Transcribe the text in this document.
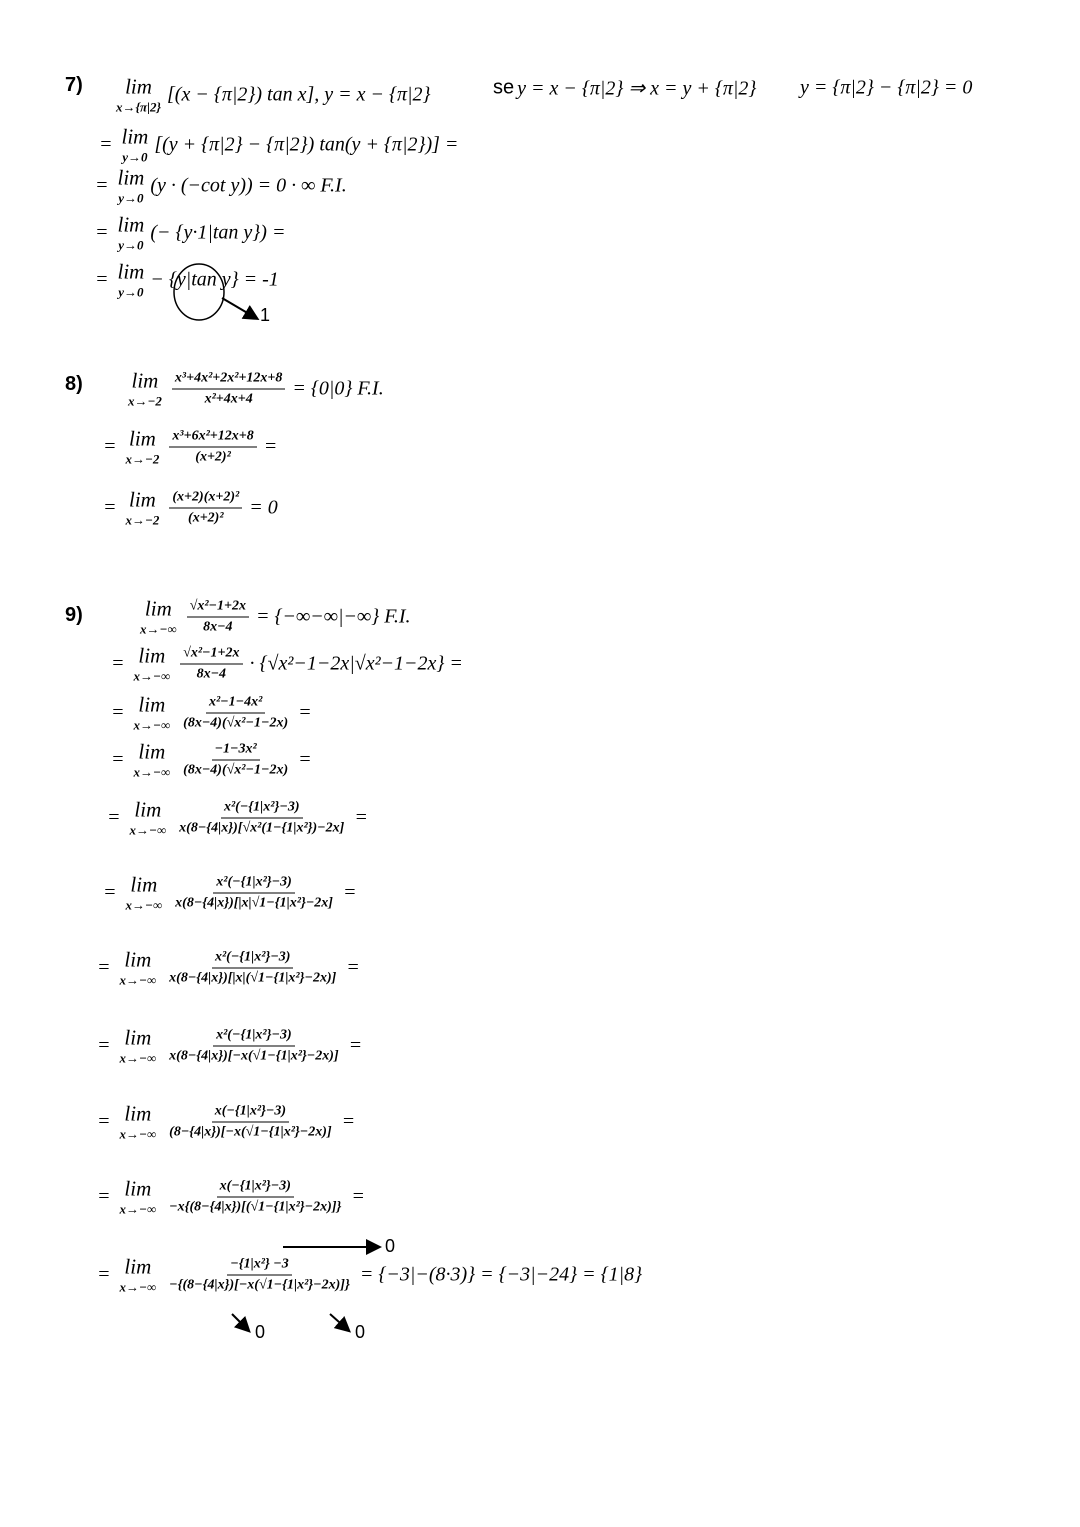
7) lim
x→{π|2}
[(x − {π|2}) tan x], y = x − {π|2}
= lim
y→0
[(y + {π|2} − {π|2}) tan(y + {π|2})] =
= lim
y→0
(y · (−cot y)) = 0 · ∞ F.I.
= lim
y→0
(− {y·1|tan y}) =
= lim
y→0
− {y|tan y} = -1
se y = x − {π|2} ⇒ x = y + {π|2} y = {π|2} − {π|2} = 0
1
8) lim
$x\to-2 \frac{\text{x³+4x²+2x²+12x+8}}{\text{x²+4x+4}} = \{0|0\}$ F.I.
= lim
$x\to-2 \frac{\text{x³+6x²+12x+8}}{\text{(x+2)²}}$ =
= lim
$x\to-2 \frac{\text{(x+2)(x+2)²}}{\text{(x+2)²}} = 0$
9)	lim
$x\to-\infty \frac{\text{√x²−1+2x}}{8x-4}$ = {−∞−∞|−∞} F.I.
= lim
$x\to-\infty \frac{\text{√x²−1+2x}}{8x-4} \cdot \{√x^2-1-2x|√x^2-1-2x\}$ =
= lim
$x\to-\infty \frac{\text{x²−1−4x²}}{\text{(8x−4)(√x²−1−2x)}}$ =
= lim
$x\to-\infty \frac{\text{−1−3x²}}{\text{(8x−4)(√x²−1−2x)}}$ =
= lim
$x\to-\infty \frac{\text{x²(−\{1|x²\}−3)}}{\text{x(8−\{4|x\})[√x²(1−\{1|x²\})−2x]}}$ =
= lim
$x\to-\infty \frac{\text{x²(−\{1|x²\}−3)}}{\text{x(8−\{4|x\})[|x|√1−\{1|x²\}−2x]}}$ =
= lim
$x\to-\infty \frac{\text{x²(−\{1|x²\}−3)}}{\text{x(8−\{4|x\})[|x|(√1−\{1|x²\}−2x)]}}$ =
= lim
$x\to-\infty \frac{\text{x²(−\{1|x²\}−3)}}{\text{x(8−\{4|x\})[−x(√1−\{1|x²\}−2x)]}}$ =
= lim
$x\to-\infty \frac{\text{x(−\{1|x²\}−3)}}{\text{(8−\{4|x\})[−x(√1−\{1|x²\}−2x)]}}$ =
= lim
$x\to-\infty \frac{\text{x(−\{1|x²\}−3)}}{\text{−x\{(8−\{4|x\})[(√1−\{1|x²\}−2x)]\}}}$ =
= lim
$x\to-\infty \frac{\text{−\{1|x²\} −3}}{\text{−\{(8−\{4|x\})[−x(√1−\{1|x²\}−2x)]\}}} = \{-3|-(8\cdot 3)\} = \{-3|-24\} = \{1|8\}$
0
0	0
